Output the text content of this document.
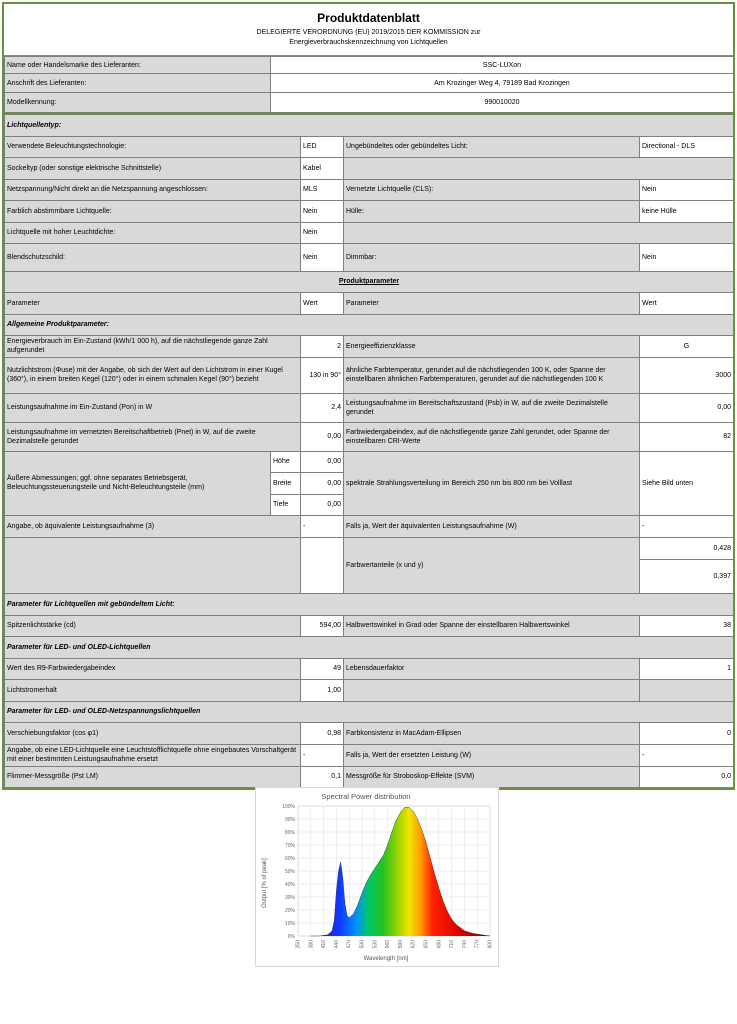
Produktdatenblatt
DELEGIERTE VERORDNUNG (EU) 2019/2015 DER KOMMISSION zur
Energieverbrauchskennzeichnung von Lichtquellen
Name oder Handelsmarke des Lieferanten:	SSC-LUXon
Anschrift des Lieferanten:	Am Krozinger Weg 4, 79189 Bad Krozingen
Modellkennung:	990010020
Lichtquellentyp:				
Verwendete Beleuchtungstechnologie:		LED	Ungebündeltes oder gebündeltes Licht:	Directional - DLS
Sockeltyp (oder sonstige elektrische Schnittstelle)		Kabel		
Netzspannung/Nicht direkt an die Netzspannung angeschlossen:		MLS	Vernetzte Lichtquelle (CLS):	Nein
Farblich abstimmbare Lichtquelle:		Nein	Hülle:	keine Hülle
Lichtquelle mit hoher Leuchtdichte:		Nein		
Blendschutzschild:		Nein	Dimmbar:	Nein
Produktparameter				
Parameter		Wert	Parameter	Wert
Allgemeine Produktparameter:				
Energieverbrauch im Ein-Zustand (kWh/1 000 h), auf die nächstliegende ganze Zahl aufgerundet		2	Energieeffizienzklasse	G
Nutzlichtstrom (Φuse) mit der Angabe, ob sich der Wert auf den Lichtstrom in einer Kugel (360°), in einem breiten Kegel (120°) oder in einem schmalen Kegel (90°) bezieht		130 in 90°	ähnliche Farbtemperatur, gerundet auf die nächstliegenden 100 K, oder Spanne der einstellbaren ähnlichen Farbtemperaturen, gerundet auf die nächstliegenden 100 K	3000
Leistungsaufnahme im Ein-Zustand (Pon) in W		2,4	Leistungsaufnahme im Bereitschaftszustand (Psb) in W, auf die zweite Dezimalstelle gerundet	0,00
Leistungsaufnahme im vernetzten Bereitschaftbetrieb (Pnet) in W, auf die zweite Dezimalstelle gerundet		0,00	Farbwiedergabeindex, auf die nächstliegende ganze Zahl gerundet, oder Spanne der einstellbaren CRI-Werte	82
Äußere Abmessungen; ggf. ohne separates Betriebsgerät, Beleuchtungssteuerungsteile und Nicht-Beleuchtungsteile (mm)	Höhe	0,00	spektrale Strahlungsverteilung im Bereich 250 nm bis 800 nm bei Volllast	Siehe Bild unten
	Breite	0,00		
	Tiefe	0,00		
Angabe, ob äquivalente Leistungsaufnahme (3)		-	Falls ja, Wert der äquivalenten Leistungsaufnahme (W)	-
			Farbwertanteile (x und y)	0,428
				0,397
Parameter für Lichtquellen mit gebündeltem Licht:				
Spitzenlichtstärke (cd)		594,00	Halbwertswinkel in Grad oder Spanne der einstellbaren Halbwertswinkel	38
Parameter für LED- und OLED-Lichtquellen				
Wert des R9-Farbwiedergabeindex		49	Lebensdauerfaktor	1
Lichtstromerhalt		1,00		
Parameter für LED- und OLED-Netzspannungslichtquellen				
Verschiebungsfaktor (cos φ1)		0,98	Farbkonsistenz in MacAdam-Ellipsen	0
Angabe, ob eine LED-Lichtquelle eine Leuchtstofflichtquelle ohne eingebautes Vorschaltgerät mit einer bestimmten Leistungsaufnahme ersetzt		-	Falls ja, Wert der ersetzten Leistung (W)	-
Flimmer-Messgröße (Pst LM)		0,1	Messgröße für Stroboskop-Effekte (SVM)	0,0
Spectral Power distribution
0%
10%
20%
30%
40%
50%
60%
70%
80%
90%
100%
350 380 410 440 470 500 530 560 590 620 650 680 710 740 770 800
Output [% of peak]
Wavelength [nm]
